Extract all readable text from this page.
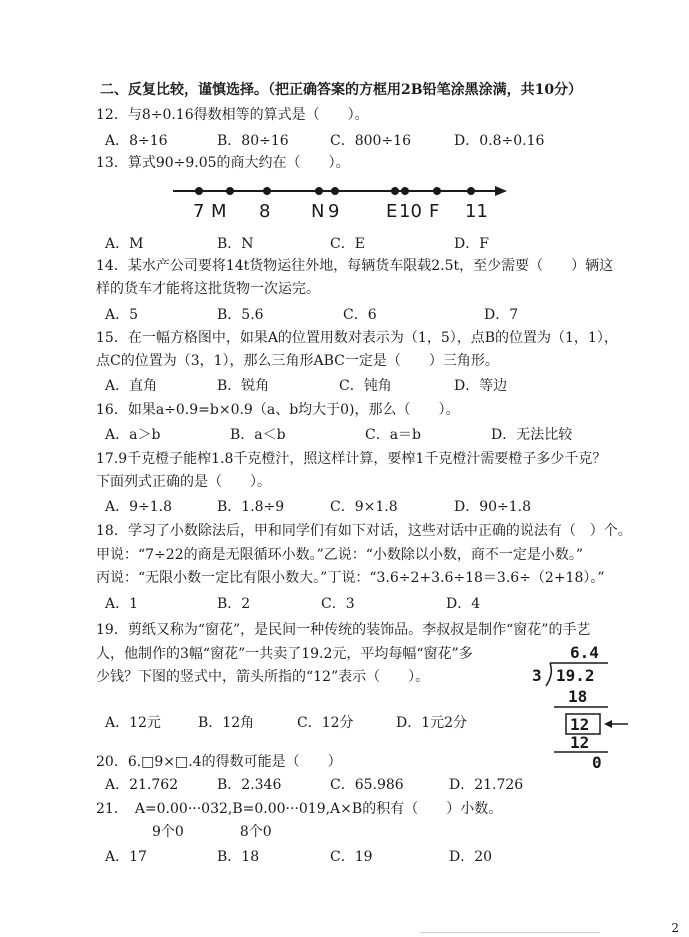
二、反复比较，谨慎选择。（把正确答案的方框用2B铅笔涂黑涂满，共10分）
12．与8÷0.16得数相等的算式是（　　）。
A．8÷16	B．80÷16	C．800÷16	D．0.8÷0.16
13．算式90÷9.05的商大约在（　　）。
7 M 8 N 9	E 10 F 11
A．M	B．N	C．E	D．F
14．某水产公司要将14t货物运往外地，每辆货车限载2.5t，至少需要（　　）辆这
样的货车才能将这批货物一次运完。
A．5	B．5.6	C．6	D．7
15．在一幅方格图中，如果A的位置用数对表示为（1，5），点B的位置为（1，1），
点C的位置为（3，1），那么三角形ABC一定是（　　）三角形。
A．直角	B．锐角	C．钝角	D．等边
16．如果a÷0.9=b×0.9（a、b均大于0)，那么（　　）。
A．a＞b	B．a＜b	C．a＝b	D．无法比较
17.9千克橙子能榨1.8千克橙汁，照这样计算，要榨1千克橙汁需要橙子多少千克？
下面列式正确的是（　　）。
A．9÷1.8	B．1.8÷9	C．9×1.8	D．90÷1.8
18．学习了小数除法后，甲和同学们有如下对话，这些对话中正确的说法有（　）个。
甲说：“7÷22的商是无限循环小数。”乙说：“小数除以小数，商不一定是小数。”
丙说：“无限小数一定比有限小数大。”丁说：“3.6÷2+3.6÷18＝3.6÷（2+18）。”
A．1	B．2	C．3	D．4
19．剪纸又称为“窗花”，是民间一种传统的装饰品。李叔叔是制作“窗花”的手艺
人，他制作的3幅“窗花”一共卖了19.2元，平均每幅“窗花”多
少钱？下图的竖式中，箭头所指的“12”表示（　　）。
6.4
3 19.2
18
12
12
0
A．12元	B．12角	C．12分	D．1元2分
20．6.□9×□.4的得数可能是（　　）
A．21.762	B．2.346	C．65.986	D．21.726
21．　A=0.00···032,B=0.00···019,A×B的积有（　　）小数。
　　　　9个0　　　　8个0
A．17	B．18	C．19	D．20
2
